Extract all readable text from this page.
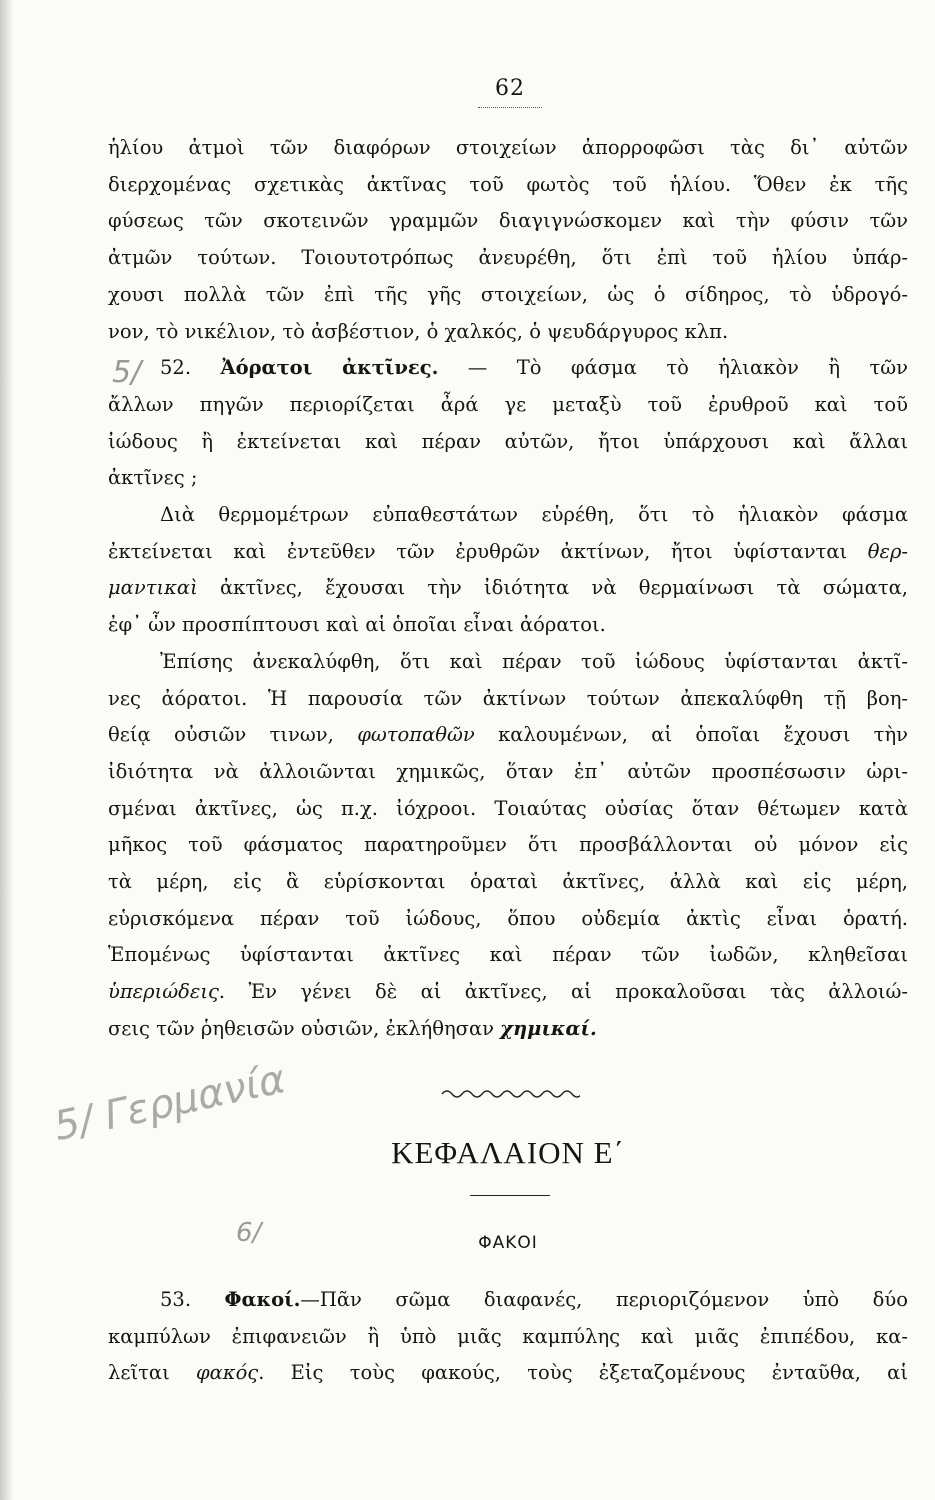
62
ἡλίου ἀτμοὶ τῶν διαφόρων στοιχείων ἀπορροφῶσι τὰς δι᾽ αὐτῶν
διερχομένας σχετικὰς ἀκτῖνας τοῦ φωτὸς τοῦ ἡλίου. Ὅθεν ἐκ τῆς
φύσεως τῶν σκοτεινῶν γραμμῶν διαγιγνώσκομεν καὶ τὴν φύσιν τῶν
ἀτμῶν τούτων. Τοιουτοτρόπως ἀνευρέθη, ὅτι ἐπὶ τοῦ ἡλίου ὑπάρ-
χουσι πολλὰ τῶν ἐπὶ τῆς γῆς στοιχείων, ὡς ὁ σίδηρος, τὸ ὑδρογό-
νον, τὸ νικέλιον, τὸ ἀσβέστιον, ὁ χαλκός, ὁ ψευδάργυρος κλπ.
52. Ἀόρατοι ἀκτῖνες. — Τὸ φάσμα τὸ ἡλιακὸν ἢ τῶν
ἄλλων πηγῶν περιορίζεται ἆρά γε μεταξὺ τοῦ ἐρυθροῦ καὶ τοῦ
ἰώδους ἢ ἐκτείνεται καὶ πέραν αὐτῶν, ἤτοι ὑπάρχουσι καὶ ἄλλαι
ἀκτῖνες ;
Διὰ θερμομέτρων εὐπαθεστάτων εὑρέθη, ὅτι τὸ ἡλιακὸν φάσμα
ἐκτείνεται καὶ ἐντεῦθεν τῶν ἐρυθρῶν ἀκτίνων, ἤτοι ὑφίστανται θερ-
μαντικαὶ ἀκτῖνες, ἔχουσαι τὴν ἰδιότητα νὰ θερμαίνωσι τὰ σώματα,
ἐφ᾽ ὧν προσπίπτουσι καὶ αἱ ὁποῖαι εἶναι ἀόρατοι.
Ἐπίσης ἀνεκαλύφθη, ὅτι καὶ πέραν τοῦ ἰώδους ὑφίστανται ἀκτῖ-
νες ἀόρατοι. Ἡ παρουσία τῶν ἀκτίνων τούτων ἀπεκαλύφθη τῇ βοη-
θείᾳ οὐσιῶν τινων, φωτοπαθῶν καλουμένων, αἱ ὁποῖαι ἔχουσι τὴν
ἰδιότητα νὰ ἀλλοιῶνται χημικῶς, ὅταν ἐπ᾽ αὐτῶν προσπέσωσιν ὡρι-
σμέναι ἀκτῖνες, ὡς π.χ. ἰόχροοι. Τοιαύτας οὐσίας ὅταν θέτωμεν κατὰ
μῆκος τοῦ φάσματος παρατηροῦμεν ὅτι προσβάλλονται οὐ μόνον εἰς
τὰ μέρη, εἰς ἃ εὑρίσκονται ὁραταὶ ἀκτῖνες, ἀλλὰ καὶ εἰς μέρη,
εὑρισκόμενα πέραν τοῦ ἰώδους, ὅπου οὐδεμία ἀκτὶς εἶναι ὁρατή.
Ἑπομένως ὑφίστανται ἀκτῖνες καὶ πέραν τῶν ἰωδῶν, κληθεῖσαι
ὑπεριώδεις. Ἐν γένει δὲ αἱ ἀκτῖνες, αἱ προκαλοῦσαι τὰς ἀλλοιώ-
σεις τῶν ῥηθεισῶν οὐσιῶν, ἐκλήθησαν χημικαί.
ΚΕΦΑΛΑΙΟΝ Ε΄
ΦΑΚΟΙ
53. Φακοί.—Πᾶν σῶμα διαφανές, περιοριζόμενον ὑπὸ δύο
καμπύλων ἐπιφανειῶν ἢ ὑπὸ μιᾶς καμπύλης καὶ μιᾶς ἐπιπέδου, κα-
λεῖται φακός. Εἰς τοὺς φακούς, τοὺς ἐξεταζομένους ἐνταῦθα, αἱ
5/
5/ Γερμανία
6/
